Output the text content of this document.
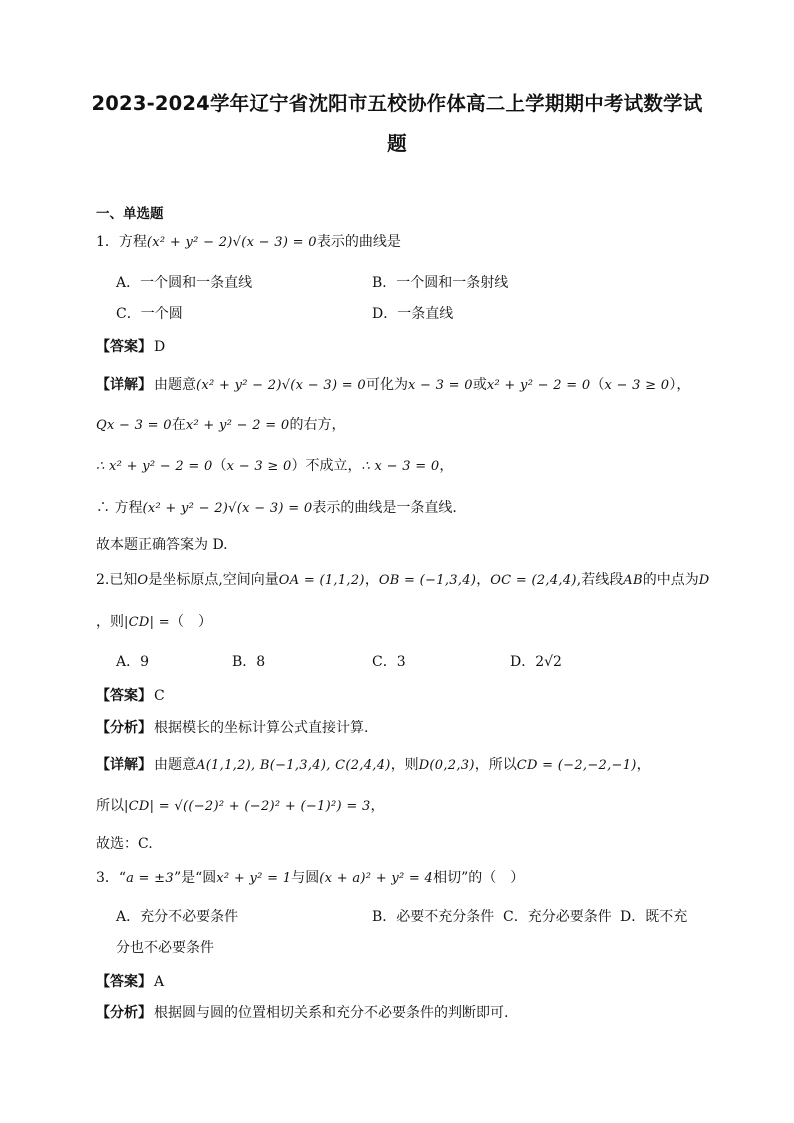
2023-2024学年辽宁省沈阳市五校协作体高二上学期期中考试数学试
题
一、单选题
1．方程(x² + y² − 2)√(x − 3) = 0表示的曲线是
A．一个圆和一条直线	B．一个圆和一条射线
C．一个圆	D．一条直线
【答案】 D
【详解】 由题意(x² + y² − 2)√(x − 3) = 0可化为x − 3 = 0或x² + y² − 2 = 0（x − 3 ≥ 0），
Qx − 3 = 0在x² + y² − 2 = 0的右方，
∴ x² + y² − 2 = 0（x − 3 ≥ 0）不成立，∴ x − 3 = 0，
∴ 方程(x² + y² − 2)√(x − 3) = 0表示的曲线是一条直线.
故本题正确答案为 D.
2.已知O是坐标原点,空间向量OA = (1,1,2)，OB = (−1,3,4)，OC = (2,4,4),若线段AB的中点为D
，则|CD| =（　）
A．9	B．8	C．3	D．2√2
【答案】 C
【分析】 根据模长的坐标计算公式直接计算.
【详解】 由题意A(1,1,2), B(−1,3,4), C(2,4,4)，则D(0,2,3)，所以CD = (−2,−2,−1)，
所以|CD| = √((−2)² + (−2)² + (−1)²) = 3，
故选：C.
3．“a = ±3”是“圆x² + y² = 1与圆(x + a)² + y² = 4相切”的（　）
A．充分不必要条件	B．必要不充分条件 C．充分必要条件 D．既不充
分也不必要条件
【答案】 A
【分析】 根据圆与圆的位置相切关系和充分不必要条件的判断即可.
